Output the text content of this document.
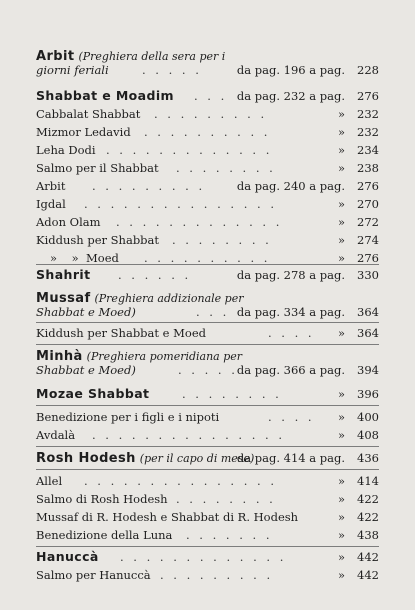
Arbit (Preghiera della sera per i
giorni feriali	. . . . .	da pag. 196 a pag. 228
Shabbat e Moadim . . . da pag. 232 a pag. 276
Cabbalat Shabbat . . . . . . . . .	» 232
Mizmor Ledavid . . . . . . . . . .	» 232
Leha Dodi . . . . . . . . . . . . .	» 234
Salmo per il Shabbat . . . . . . . .	» 238
Arbit . . . . . . . . .	da pag. 240 a pag. 276
Igdal . . . . . . . . . . . . . . .	» 270
Adon Olam . . . . . . . . . . . . .	» 272
Kiddush per Shabbat . . . . . . . .	» 274
»    »  Moed . . . . . . . . . .	» 276
Shahrit . . . . . .	da pag. 278 a pag. 330
Mussaf (Preghiera addizionale per
Shabbat e Moed)	. . . da pag. 334 a pag. 364
Kiddush per Shabbat e Moed	. . . . » 364
Minhà (Preghiera pomeridiana per
Shabbat e Moed)	. . . . .
da pag. 366 a pag. 394
Mozae Shabbat	. . . . . . . .	» 396
Benedizione per i figli e i nipoti	. . . . » 400
Avdalà . . . . . . . . . . . . . . .	» 408
Rosh Hodesh (per il capo di mese)
da pag. 414 a pag. 436
Allel . . . . . . . . . . . . . . .	» 414
Salmo di Rosh Hodesh . . . . . . . .	» 422
Mussaf di R. Hodesh e Shabbat di R. Hodesh	» 422
Benedizione della Luna . . . . . . .	» 438
Hanuccà . . . . . . . . . . . . .	» 442
Salmo per Hanuccà . . . . . . . . .	» 442
